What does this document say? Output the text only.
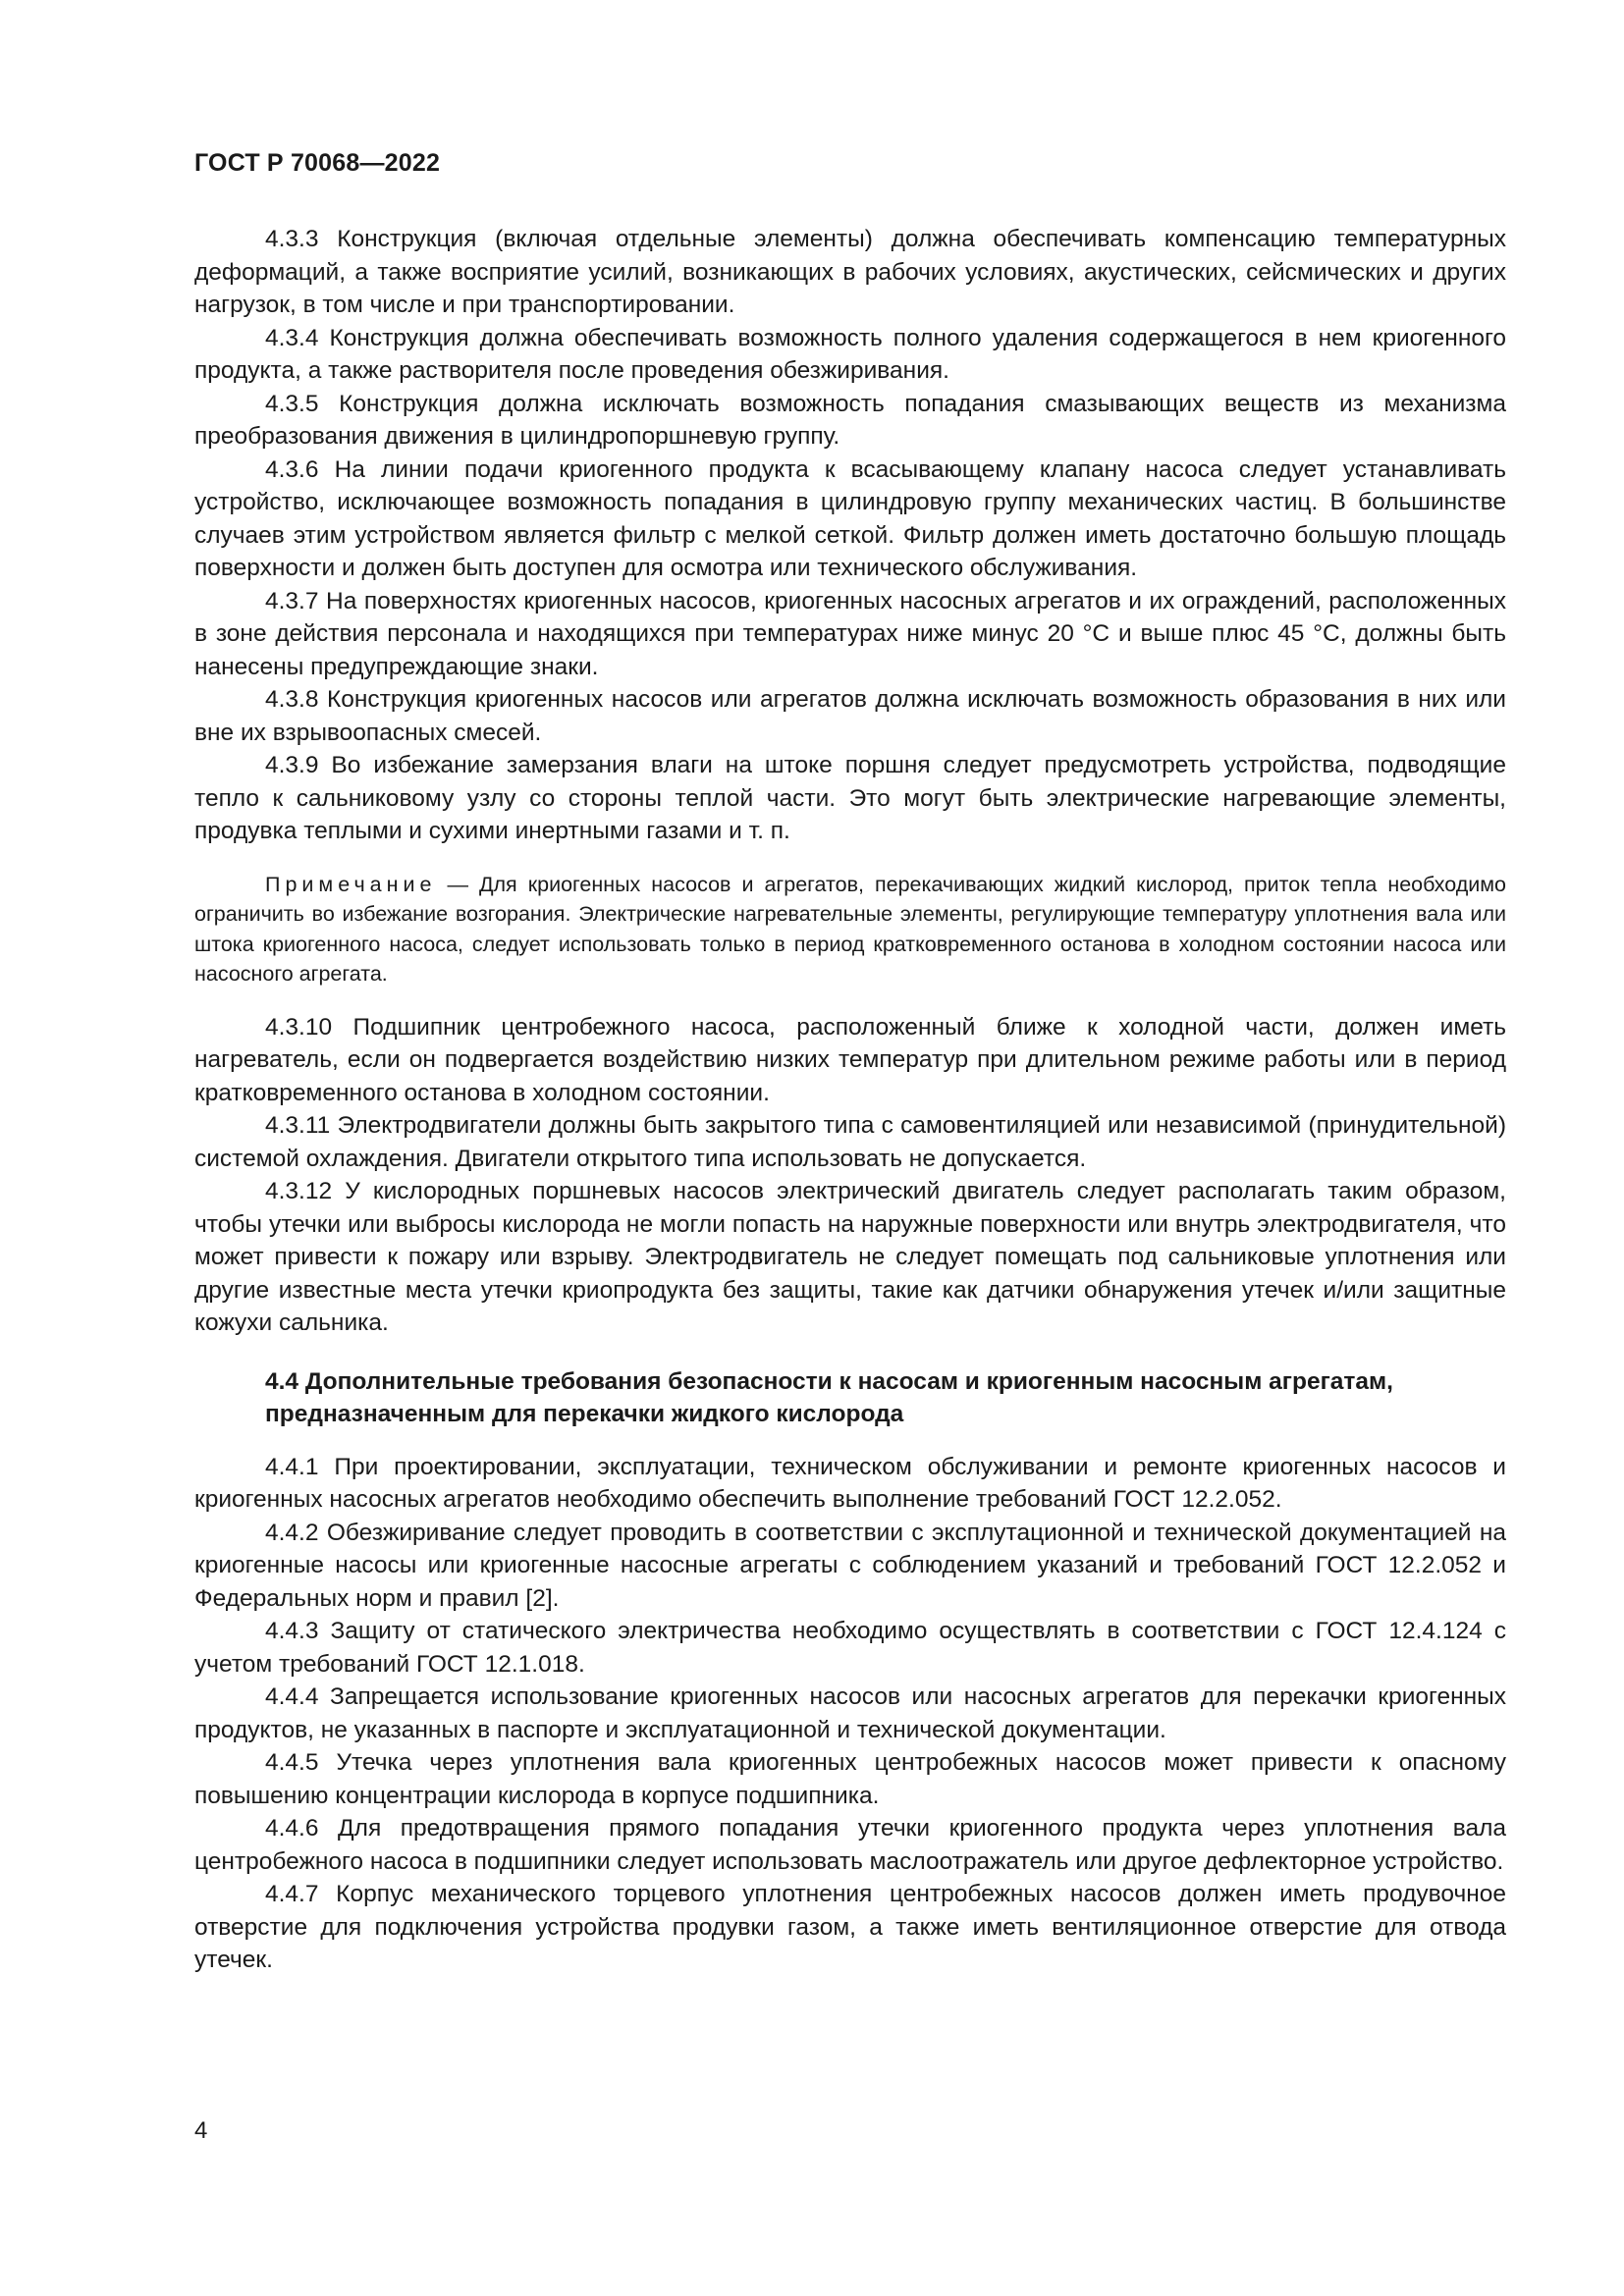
ГОСТ Р 70068—2022

4.3.3 Конструкция (включая отдельные элементы) должна обеспечивать компенсацию температурных деформаций, а также восприятие усилий, возникающих в рабочих условиях, акустических, сейсмических и других нагрузок, в том числе и при транспортировании.

4.3.4 Конструкция должна обеспечивать возможность полного удаления содержащегося в нем криогенного продукта, а также растворителя после проведения обезжиривания.

4.3.5 Конструкция должна исключать возможность попадания смазывающих веществ из механизма преобразования движения в цилиндропоршневую группу.

4.3.6 На линии подачи криогенного продукта к всасывающему клапану насоса следует устанавливать устройство, исключающее возможность попадания в цилиндровую группу механических частиц. В большинстве случаев этим устройством является фильтр с мелкой сеткой. Фильтр должен иметь достаточно большую площадь поверхности и должен быть доступен для осмотра или технического обслуживания.

4.3.7 На поверхностях криогенных насосов, криогенных насосных агрегатов и их ограждений, расположенных в зоне действия персонала и находящихся при температурах ниже минус 20 °C и выше плюс 45 °C, должны быть нанесены предупреждающие знаки.

4.3.8 Конструкция криогенных насосов или агрегатов должна исключать возможность образования в них или вне их взрывоопасных смесей.

4.3.9 Во избежание замерзания влаги на штоке поршня следует предусмотреть устройства, подводящие тепло к сальниковому узлу со стороны теплой части. Это могут быть электрические нагревающие элементы, продувка теплыми и сухими инертными газами и т. п.

Примечание — Для криогенных насосов и агрегатов, перекачивающих жидкий кислород, приток тепла необходимо ограничить во избежание возгорания. Электрические нагревательные элементы, регулирующие температуру уплотнения вала или штока криогенного насоса, следует использовать только в период кратковременного останова в холодном состоянии насоса или насосного агрегата.

4.3.10 Подшипник центробежного насоса, расположенный ближе к холодной части, должен иметь нагреватель, если он подвергается воздействию низких температур при длительном режиме работы или в период кратковременного останова в холодном состоянии.

4.3.11 Электродвигатели должны быть закрытого типа с самовентиляцией или независимой (принудительной) системой охлаждения. Двигатели открытого типа использовать не допускается.

4.3.12 У кислородных поршневых насосов электрический двигатель следует располагать таким образом, чтобы утечки или выбросы кислорода не могли попасть на наружные поверхности или внутрь электродвигателя, что может привести к пожару или взрыву. Электродвигатель не следует помещать под сальниковые уплотнения или другие известные места утечки криопродукта без защиты, такие как датчики обнаружения утечек и/или защитные кожухи сальника.

4.4 Дополнительные требования безопасности к насосам и криогенным насосным агрегатам, предназначенным для перекачки жидкого кислорода

4.4.1 При проектировании, эксплуатации, техническом обслуживании и ремонте криогенных насосов и криогенных насосных агрегатов необходимо обеспечить выполнение требований ГОСТ 12.2.052.

4.4.2 Обезжиривание следует проводить в соответствии с эксплутационной и технической документацией на криогенные насосы или криогенные насосные агрегаты с соблюдением указаний и требований ГОСТ 12.2.052 и Федеральных норм и правил [2].

4.4.3 Защиту от статического электричества необходимо осуществлять в соответствии с ГОСТ 12.4.124 с учетом требований ГОСТ 12.1.018.

4.4.4 Запрещается использование криогенных насосов или насосных агрегатов для перекачки криогенных продуктов, не указанных в паспорте и эксплуатационной и технической документации.

4.4.5 Утечка через уплотнения вала криогенных центробежных насосов может привести к опасному повышению концентрации кислорода в корпусе подшипника.

4.4.6 Для предотвращения прямого попадания утечки криогенного продукта через уплотнения вала центробежного насоса в подшипники следует использовать маслоотражатель или другое дефлекторное устройство.

4.4.7 Корпус механического торцевого уплотнения центробежных насосов должен иметь продувочное отверстие для подключения устройства продувки газом, а также иметь вентиляционное отверстие для отвода утечек.

4
